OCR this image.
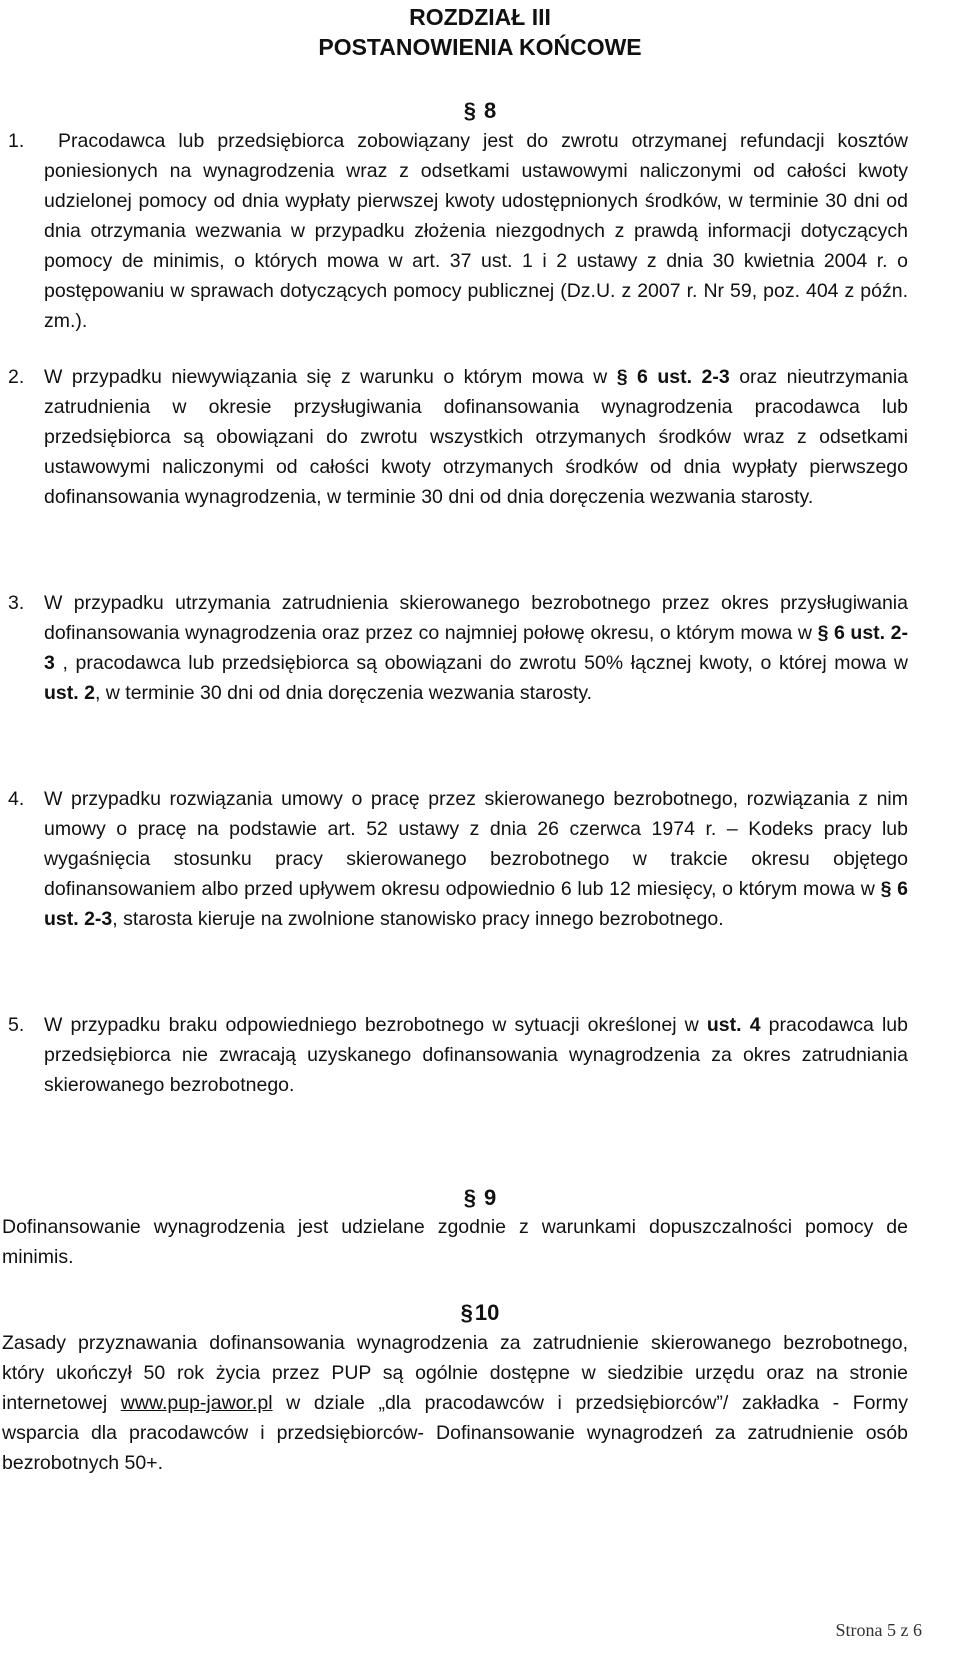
ROZDZIAŁ III
POSTANOWIENIA KOŃCOWE
§ 8
1.	Pracodawca lub przedsiębiorca zobowiązany jest do zwrotu otrzymanej refundacji kosztów poniesionych na wynagrodzenia wraz z odsetkami ustawowymi naliczonymi od całości kwoty udzielonej pomocy od dnia wypłaty pierwszej kwoty udostępnionych środków, w terminie 30 dni od dnia otrzymania wezwania w przypadku złożenia niezgodnych z prawdą informacji dotyczących pomocy de minimis, o których mowa w art. 37 ust. 1 i 2 ustawy z dnia 30 kwietnia 2004 r. o postępowaniu w sprawach dotyczących pomocy publicznej (Dz.U. z 2007 r. Nr 59, poz. 404 z późn. zm.).
2. W przypadku niewywiązania się z warunku o którym mowa w § 6 ust. 2-3 oraz nieutrzymania zatrudnienia w okresie przysługiwania dofinansowania wynagrodzenia pracodawca lub przedsiębiorca są obowiązani do zwrotu wszystkich otrzymanych środków wraz z odsetkami ustawowymi naliczonymi od całości kwoty otrzymanych środków od dnia wypłaty pierwszego dofinansowania wynagrodzenia, w terminie 30 dni od dnia doręczenia wezwania starosty.
3. W przypadku utrzymania zatrudnienia skierowanego bezrobotnego przez okres przysługiwania dofinansowania wynagrodzenia oraz przez co najmniej połowę okresu, o którym mowa w § 6 ust. 2-3 , pracodawca lub przedsiębiorca są obowiązani do zwrotu 50% łącznej kwoty, o której mowa w ust. 2, w terminie 30 dni od dnia doręczenia wezwania starosty.
4. W przypadku rozwiązania umowy o pracę przez skierowanego bezrobotnego, rozwiązania z nim umowy o pracę na podstawie art. 52 ustawy z dnia 26 czerwca 1974 r. – Kodeks pracy lub wygaśnięcia stosunku pracy skierowanego bezrobotnego w trakcie okresu objętego dofinansowaniem albo przed upływem okresu odpowiednio 6 lub 12 miesięcy, o którym mowa w § 6 ust. 2-3, starosta kieruje na zwolnione stanowisko pracy innego bezrobotnego.
5. W przypadku braku odpowiedniego bezrobotnego w sytuacji określonej w ust. 4 pracodawca lub przedsiębiorca nie zwracają uzyskanego dofinansowania wynagrodzenia za okres zatrudniania skierowanego bezrobotnego.
§ 9
Dofinansowanie wynagrodzenia jest udzielane zgodnie z warunkami dopuszczalności pomocy de minimis.
§10
Zasady przyznawania dofinansowania wynagrodzenia za zatrudnienie skierowanego bezrobotnego, który ukończył 50 rok życia przez PUP są ogólnie dostępne w siedzibie urzędu oraz na stronie internetowej www.pup-jawor.pl w dziale „dla pracodawców i przedsiębiorców”/ zakładka - Formy wsparcia dla pracodawców i przedsiębiorców- Dofinansowanie wynagrodzeń za zatrudnienie osób bezrobotnych 50+.
Strona 5 z 6
